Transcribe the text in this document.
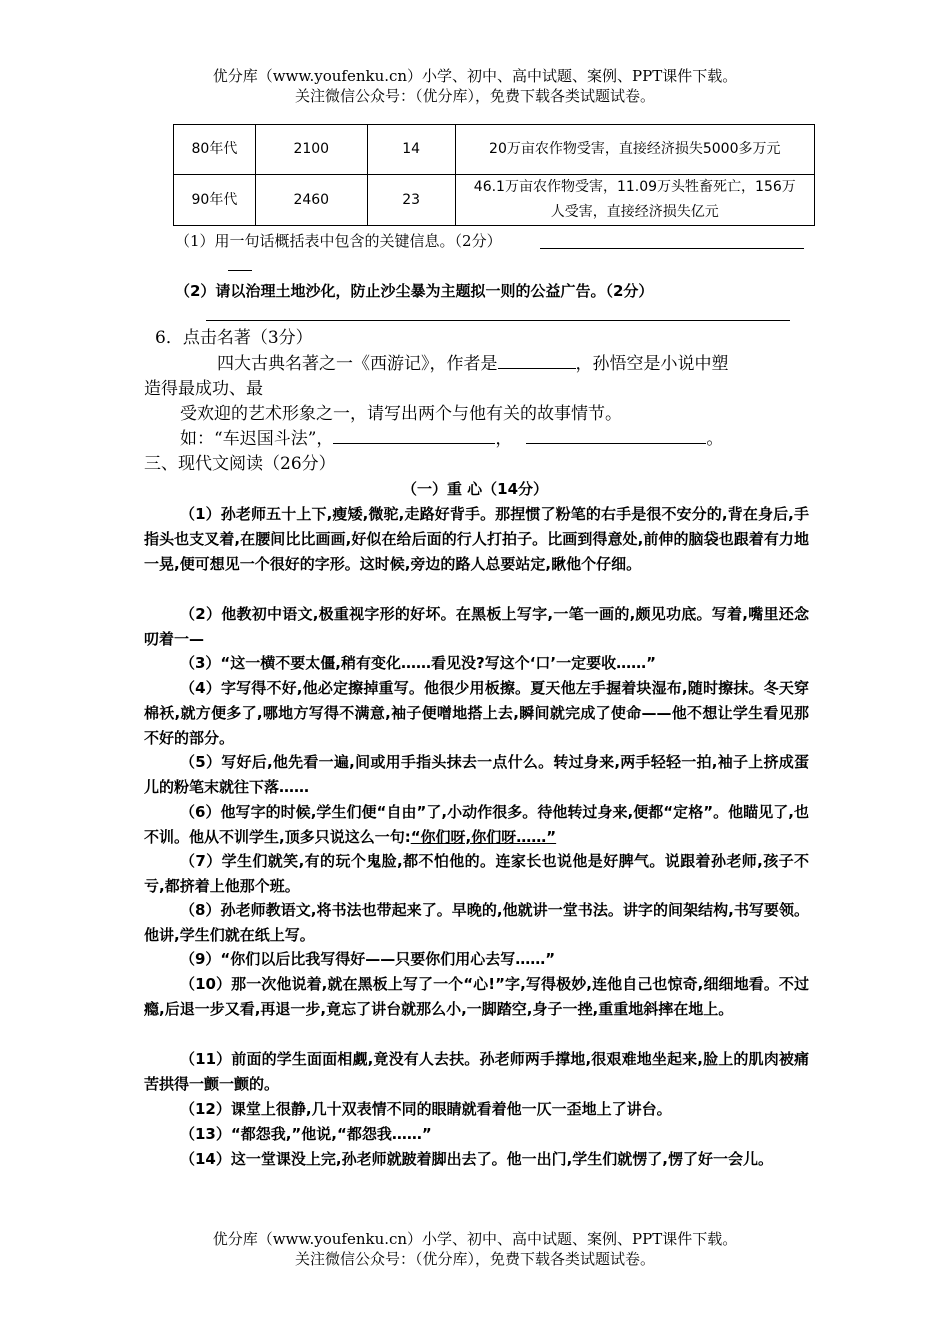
优分库（www.youfenku.cn）小学、初中、高中试题、案例、PPT课件下载。
关注微信公众号：（优分库），免费下载各类试题试卷。
80年代	2100	14	20万亩农作物受害，直接经济损失5000多万元
90年代	2460	23	46.1万亩农作物受害，11.09万头牲畜死亡，156万人受害，直接经济损失亿元
（1）用一句话概括表中包含的关键信息。（2分）
（2）请以治理土地沙化，防止沙尘暴为主题拟一则的公益广告。（2分）
6．点击名著（3分）
四大古典名著之一《西游记》，作者是	，孙悟空是小说中塑
造得最成功、最
受欢迎的艺术形象之一，请写出两个与他有关的故事情节。
如：“车迟国斗法”，	，	。
三、现代文阅读（26分）
（一）重 心（14分）
（1）孙老师五十上下,瘦矮,微驼,走路好背手。那捏惯了粉笔的右手是很不安分的,背在身后,手指头也支叉着,在腰间比比画画,好似在给后面的行人打拍子。比画到得意处,前伸的脑袋也跟着有力地一晃,便可想见一个很好的字形。这时候,旁边的路人总要站定,瞅他个仔细。
（2）他教初中语文,极重视字形的好坏。在黑板上写字,一笔一画的,颇见功底。写着,嘴里还念叨着一—
（3）“这一横不要太僵,稍有变化……看见没?写这个‘口’一定要收……”
（4）字写得不好,他必定擦掉重写。他很少用板擦。夏天他左手握着块湿布,随时擦抹。冬天穿棉袄,就方便多了,哪地方写得不满意,袖子便噌地搭上去,瞬间就完成了使命——他不想让学生看见那不好的部分。
（5）写好后,他先看一遍,间或用手指头抹去一点什么。转过身来,两手轻轻一拍,袖子上挤成蛋儿的粉笔末就往下落……
（6）他写字的时候,学生们便“自由”了,小动作很多。待他转过身来,便都“定格”。他瞄见了,也不训。他从不训学生,顶多只说这么一句:“你们呀,你们呀……”
（7）学生们就笑,有的玩个鬼脸,都不怕他的。连家长也说他是好脾气。说跟着孙老师,孩子不亏,都挤着上他那个班。
（8）孙老师教语文,将书法也带起来了。早晚的,他就讲一堂书法。讲字的间架结构,书写要领。他讲,学生们就在纸上写。
（9）“你们以后比我写得好——只要你们用心去写……”
（10）那一次他说着,就在黑板上写了一个“心!”字,写得极妙,连他自己也惊奇,细细地看。不过瘾,后退一步又看,再退一步,竟忘了讲台就那么小,一脚踏空,身子一挫,重重地斜摔在地上。
（11）前面的学生面面相觑,竟没有人去扶。孙老师两手撑地,很艰难地坐起来,脸上的肌肉被痛苦拱得一颤一颤的。
（12）课堂上很静,几十双表情不同的眼睛就看着他一仄一歪地上了讲台。
（13）“都怨我,”他说,“都怨我……”
（14）这一堂课没上完,孙老师就跛着脚出去了。他一出门,学生们就愣了,愣了好一会儿。
优分库（www.youfenku.cn）小学、初中、高中试题、案例、PPT课件下载。
关注微信公众号：（优分库），免费下载各类试题试卷。
